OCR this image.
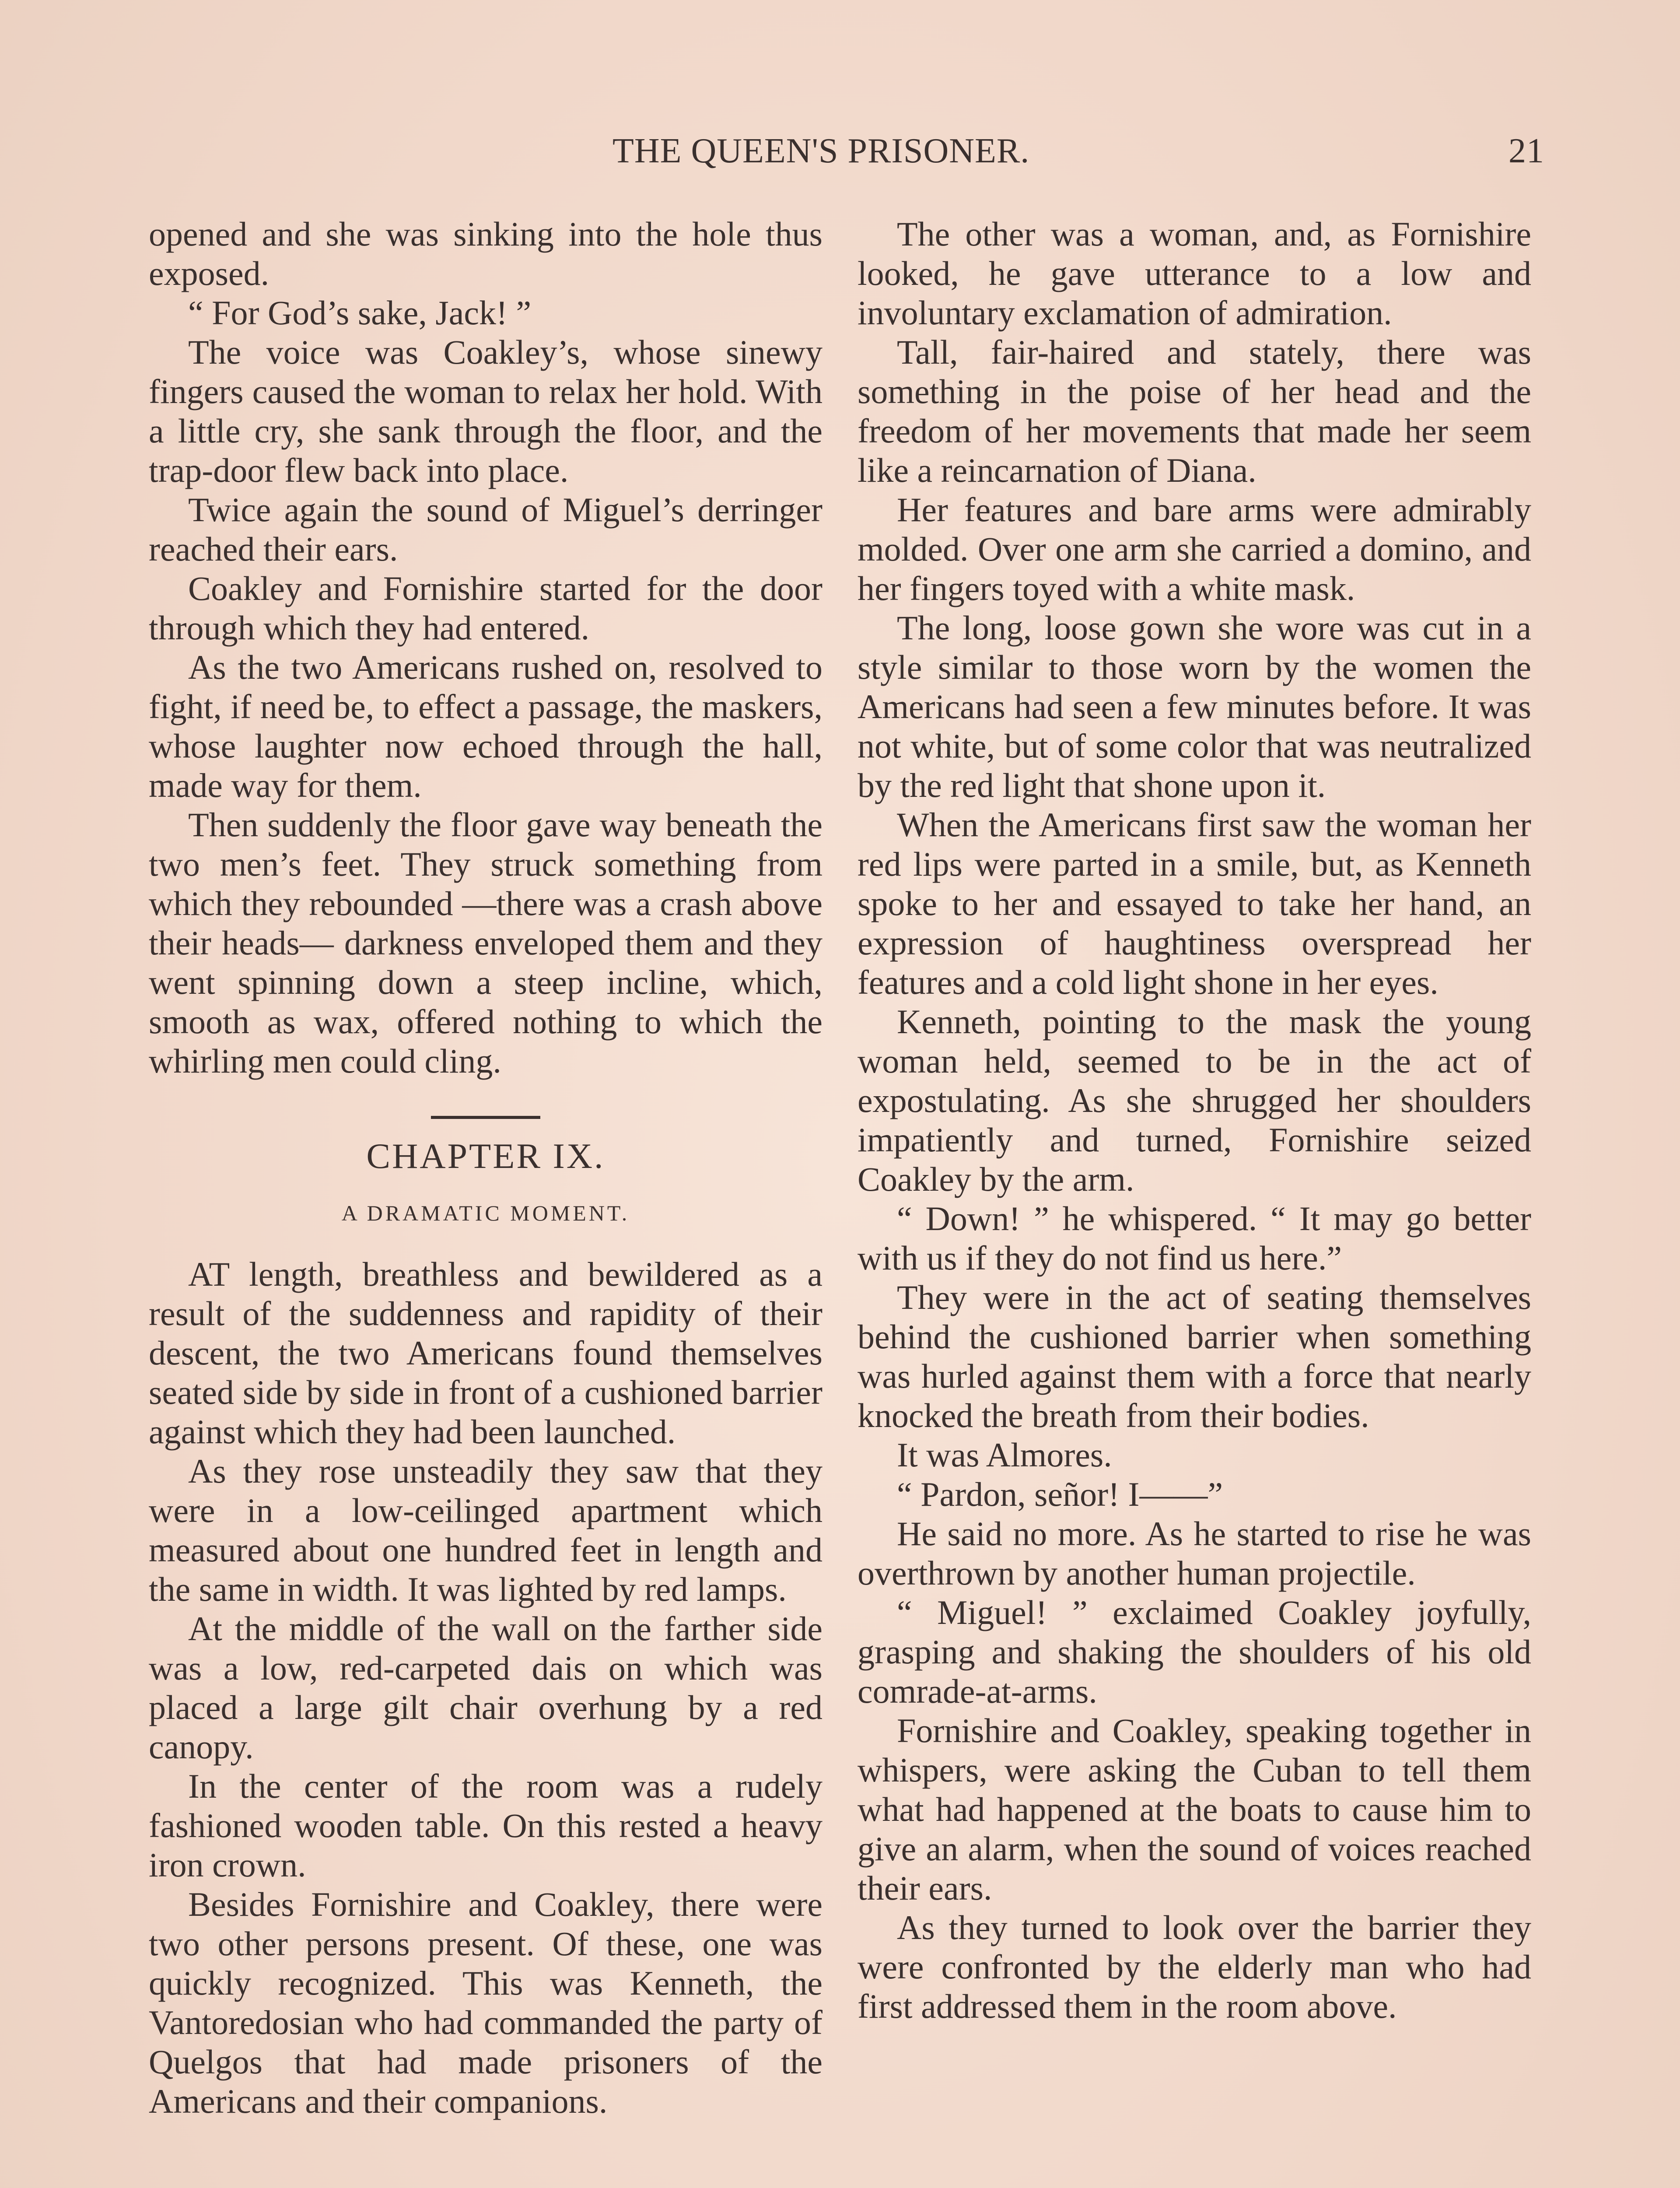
THE QUEEN'S PRISONER.	21

opened and she was sinking into the hole thus exposed.

“ For God’s sake, Jack! ”

The voice was Coakley’s, whose sinewy fingers caused the woman to relax her hold. With a little cry, she sank through the floor, and the trap-door flew back into place.

Twice again the sound of Miguel’s derringer reached their ears.

Coakley and Fornishire started for the door through which they had entered.

As the two Americans rushed on, resolved to fight, if need be, to effect a passage, the maskers, whose laughter now echoed through the hall, made way for them.

Then suddenly the floor gave way beneath the two men’s feet. They struck something from which they rebounded —there was a crash above their heads— darkness enveloped them and they went spinning down a steep incline, which, smooth as wax, offered nothing to which the whirling men could cling.

CHAPTER IX.
A DRAMATIC MOMENT.

AT length, breathless and bewildered as a result of the suddenness and rapidity of their descent, the two Americans found themselves seated side by side in front of a cushioned barrier against which they had been launched.

As they rose unsteadily they saw that they were in a low-ceilinged apartment which measured about one hundred feet in length and the same in width. It was lighted by red lamps.

At the middle of the wall on the farther side was a low, red-carpeted dais on which was placed a large gilt chair overhung by a red canopy.

In the center of the room was a rudely fashioned wooden table. On this rested a heavy iron crown.

Besides Fornishire and Coakley, there were two other persons present. Of these, one was quickly recognized. This was Kenneth, the Vantoredosian who had commanded the party of Quelgos that had made prisoners of the Americans and their companions.

The other was a woman, and, as Fornishire looked, he gave utterance to a low and involuntary exclamation of admiration.

Tall, fair-haired and stately, there was something in the poise of her head and the freedom of her movements that made her seem like a reincarnation of Diana.

Her features and bare arms were admirably molded. Over one arm she carried a domino, and her fingers toyed with a white mask.

The long, loose gown she wore was cut in a style similar to those worn by the women the Americans had seen a few minutes before. It was not white, but of some color that was neutralized by the red light that shone upon it.

When the Americans first saw the woman her red lips were parted in a smile, but, as Kenneth spoke to her and essayed to take her hand, an expression of haughtiness overspread her features and a cold light shone in her eyes.

Kenneth, pointing to the mask the young woman held, seemed to be in the act of expostulating. As she shrugged her shoulders impatiently and turned, Fornishire seized Coakley by the arm.

“ Down! ” he whispered. “ It may go better with us if they do not find us here.”

They were in the act of seating themselves behind the cushioned barrier when something was hurled against them with a force that nearly knocked the breath from their bodies.

It was Almores.

“ Pardon, señor! I——”

He said no more. As he started to rise he was overthrown by another human projectile.

“ Miguel! ” exclaimed Coakley joyfully, grasping and shaking the shoulders of his old comrade-at-arms.

Fornishire and Coakley, speaking together in whispers, were asking the Cuban to tell them what had happened at the boats to cause him to give an alarm, when the sound of voices reached their ears.

As they turned to look over the barrier they were confronted by the elderly man who had first addressed them in the room above.
